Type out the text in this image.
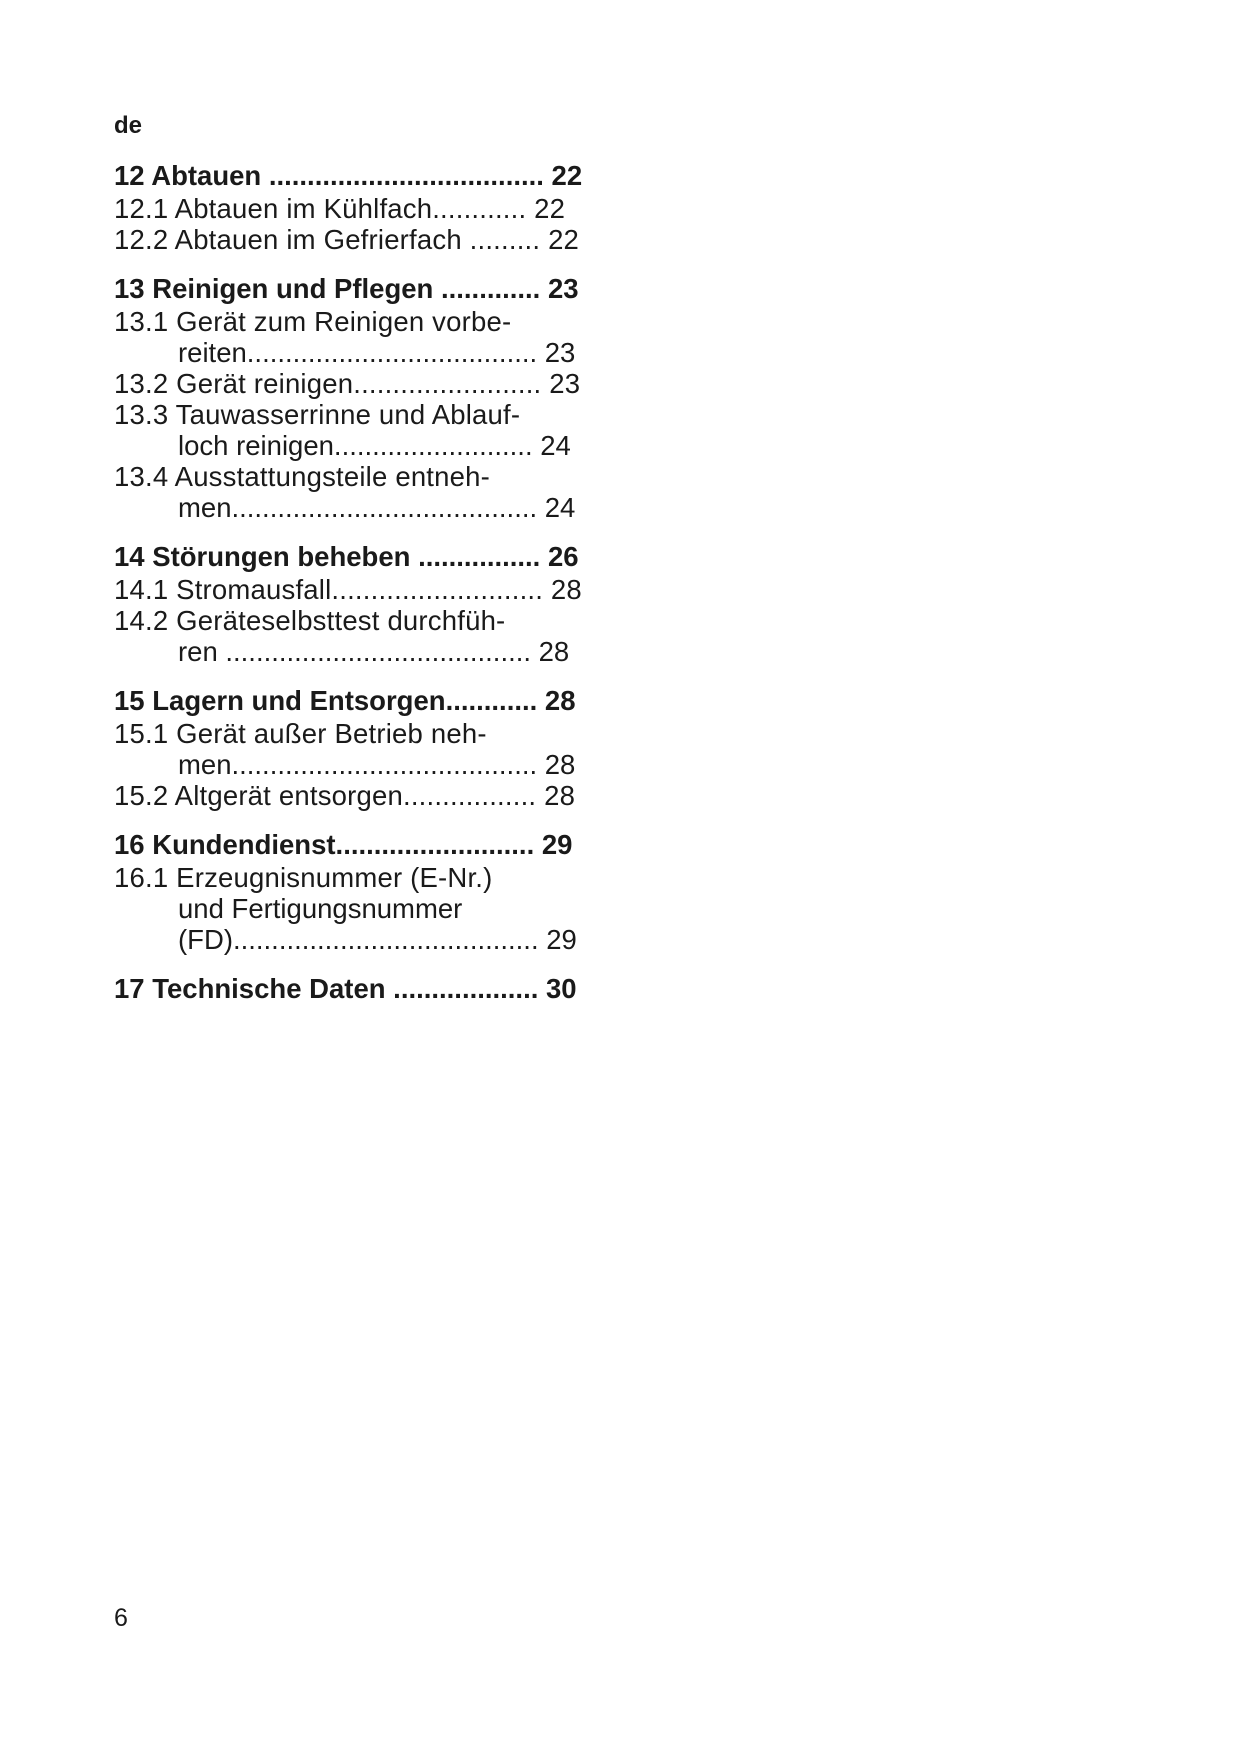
de
12 Abtauen .................................... 22
12.1 Abtauen im Kühlfach............ 22
12.2 Abtauen im Gefrierfach ......... 22
13 Reinigen und Pflegen ............. 23
13.1 Gerät zum Reinigen vorbe-
reiten...................................... 23
13.2 Gerät reinigen........................ 23
13.3 Tauwasserrinne und Ablauf-
loch reinigen.......................... 24
13.4 Ausstattungsteile entneh-
men........................................ 24
14 Störungen beheben ................ 26
14.1 Stromausfall........................... 28
14.2 Geräteselbsttest durchfüh-
ren ........................................ 28
15 Lagern und Entsorgen............ 28
15.1 Gerät außer Betrieb neh-
men........................................ 28
15.2 Altgerät entsorgen................. 28
16 Kundendienst.......................... 29
16.1 Erzeugnisnummer (E-Nr.)
und Fertigungsnummer
(FD)........................................ 29
17 Technische Daten ................... 30
6
